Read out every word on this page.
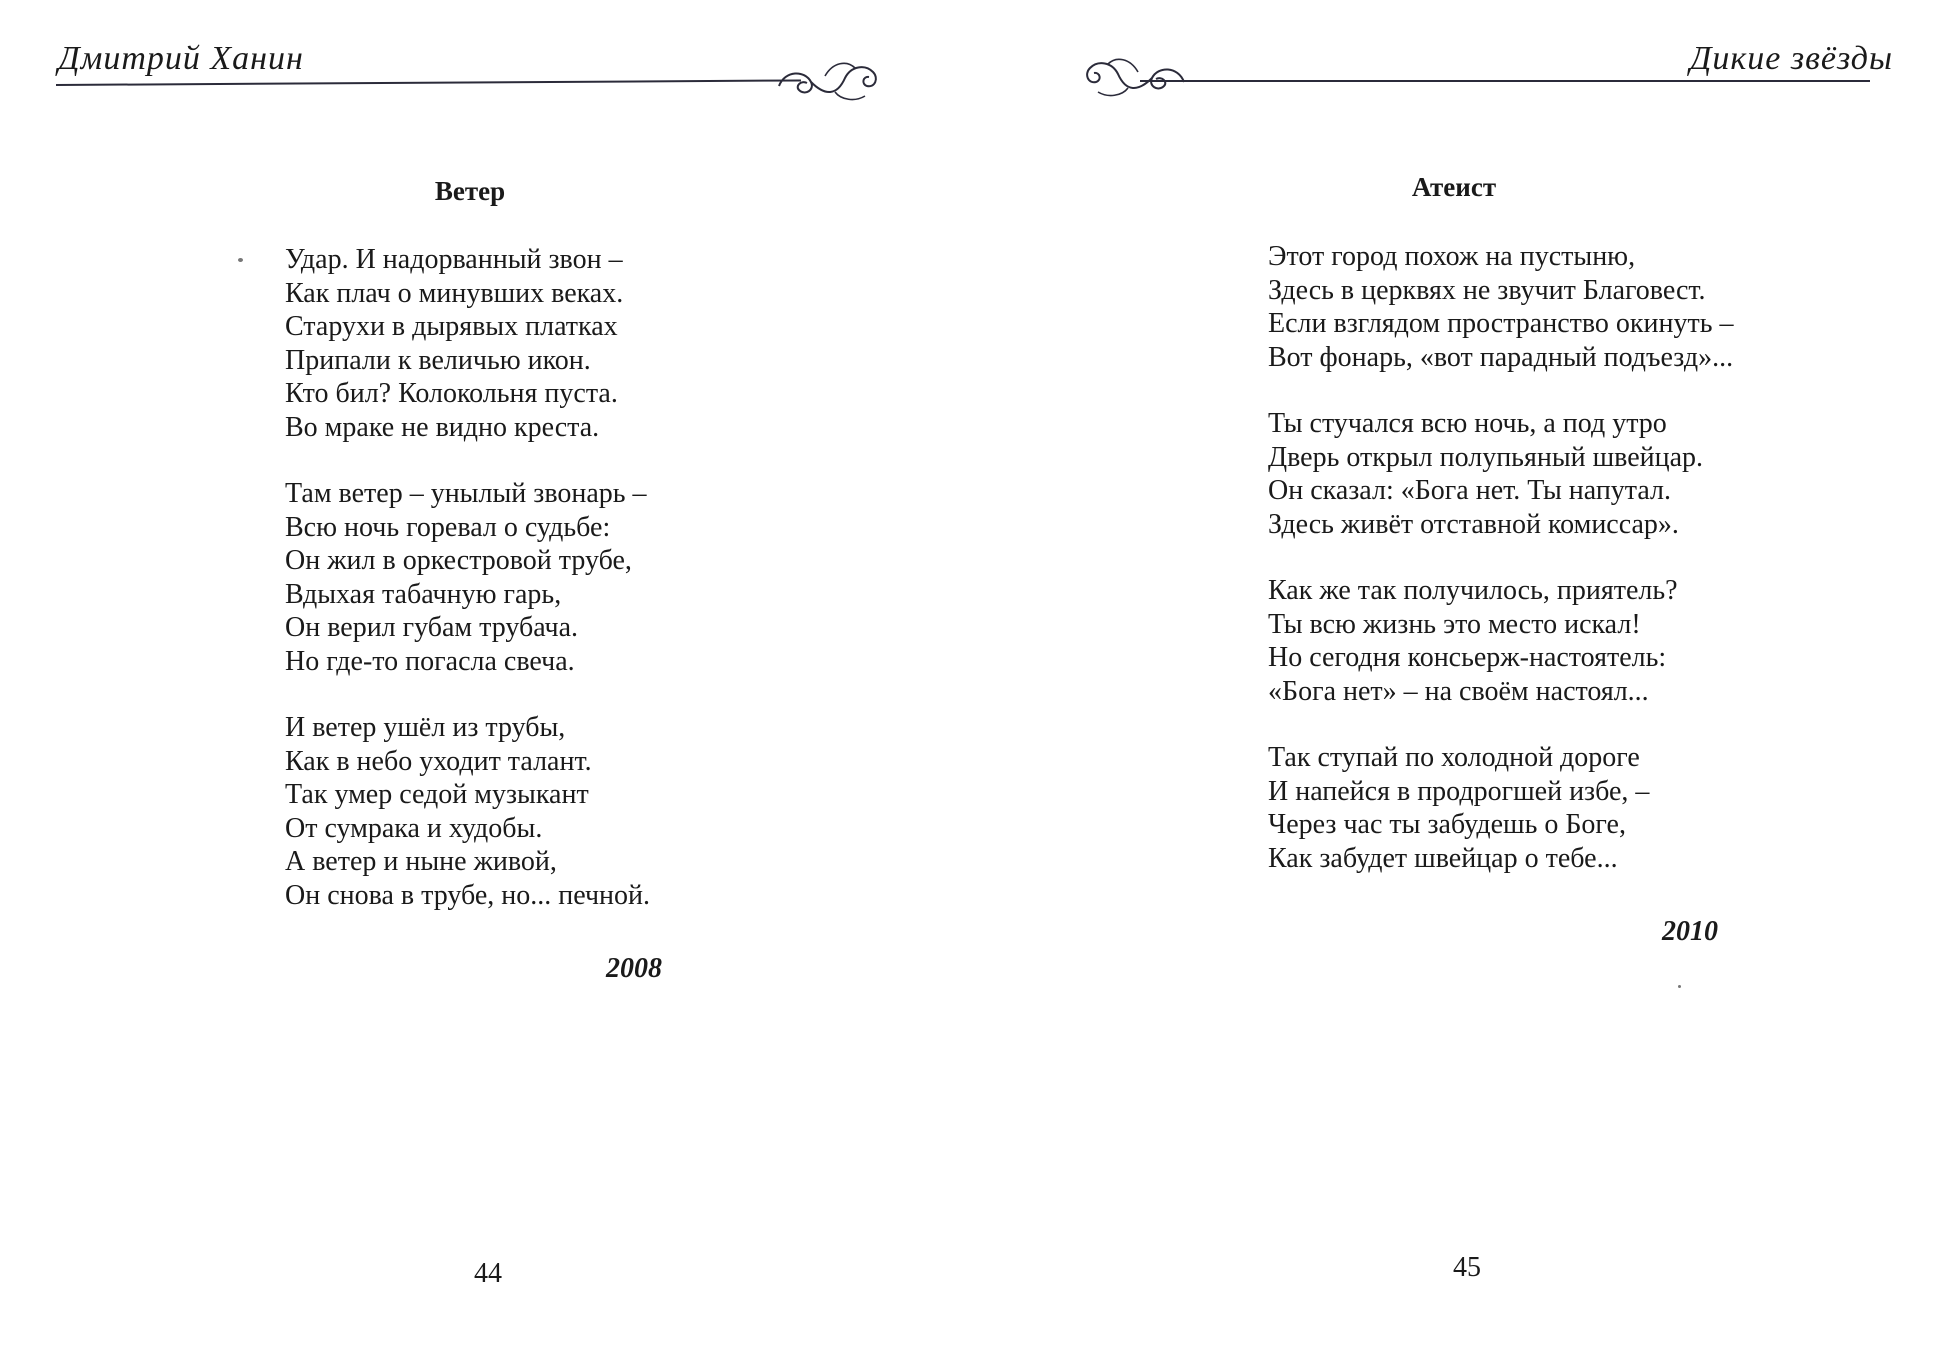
Дмитрий Ханин
Ветер
Удар. И надорванный звон –
Как плач о минувших веках.
Старухи в дырявых платках
Припали к величью икон.
Кто бил? Колокольня пуста.
Во мраке не видно креста.
Там ветер – унылый звонарь –
Всю ночь горевал о судьбе:
Он жил в оркестровой трубе,
Вдыхая табачную гарь,
Он верил губам трубача.
Но где-то погасла свеча.
И ветер ушёл из трубы,
Как в небо уходит талант.
Так умер седой музыкант
От сумрака и худобы.
А ветер и ныне живой,
Он снова в трубе, но... печной.
2008
44
Дикие звёзды
Атеист
Этот город похож на пустыню,
Здесь в церквях не звучит Благовест.
Если взглядом пространство окинуть –
Вот фонарь, «вот парадный подъезд»...
Ты стучался всю ночь, а под утро
Дверь открыл полупьяный швейцар.
Он сказал: «Бога нет. Ты напутал.
Здесь живёт отставной комиссар».
Как же так получилось, приятель?
Ты всю жизнь это место искал!
Но сегодня консьерж-настоятель:
«Бога нет» – на своём настоял...
Так ступай по холодной дороге
И напейся в продрогшей избе, –
Через час ты забудешь о Боге,
Как забудет швейцар о тебе...
2010
45
